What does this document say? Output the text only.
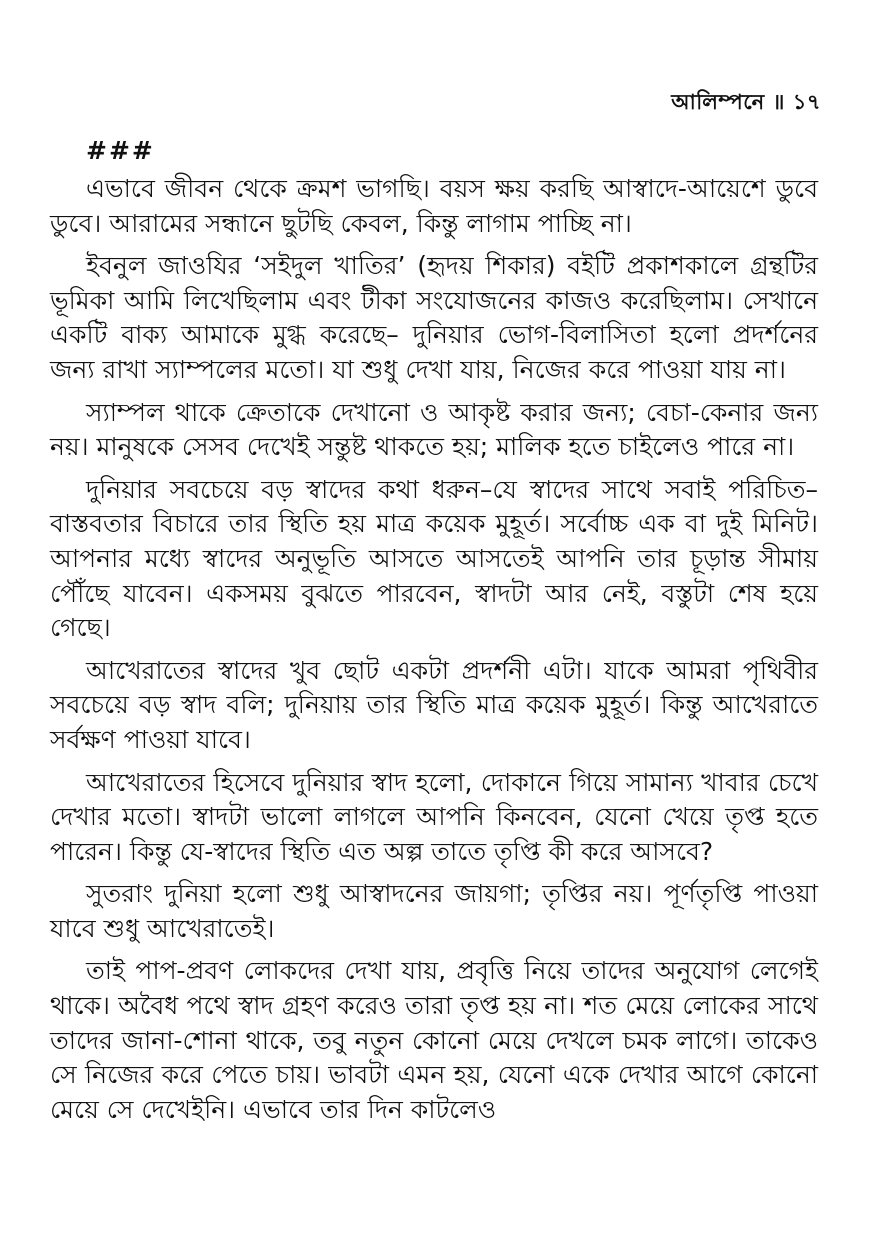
আলিম্পনে ॥ ১৭
###

এভাবে জীবন থেকে ক্রমশ ভাগছি। বয়স ক্ষয় করছি আস্বাদে-আয়েশে ডুবে ডুবে। আরামের সন্ধানে ছুটছি কেবল, কিন্তু লাগাম পাচ্ছি না।

ইবনুল জাওযির ‘সইদুল খাতির’ (হৃদয় শিকার) বইটি প্রকাশকালে গ্রন্থটির ভূমিকা আমি লিখেছিলাম এবং টীকা সংযোজনের কাজও করেছিলাম। সেখানে একটি বাক্য আমাকে মুগ্ধ করেছে– দুনিয়ার ভোগ-বিলাসিতা হলো প্রদর্শনের জন্য রাখা স্যাম্পলের মতো। যা শুধু দেখা যায়, নিজের করে পাওয়া যায় না।

স্যাম্পল থাকে ক্রেতাকে দেখানো ও আকৃষ্ট করার জন্য; বেচা-কেনার জন্য নয়। মানুষকে সেসব দেখেই সন্তুষ্ট থাকতে হয়; মালিক হতে চাইলেও পারে না।

দুনিয়ার সবচেয়ে বড় স্বাদের কথা ধরুন–যে স্বাদের সাথে সবাই পরিচিত–বাস্তবতার বিচারে তার স্থিতি হয় মাত্র কয়েক মুহূর্ত। সর্বোচ্চ এক বা দুই মিনিট। আপনার মধ্যে স্বাদের অনুভূতি আসতে আসতেই আপনি তার চূড়ান্ত সীমায় পৌঁছে যাবেন। একসময় বুঝতে পারবেন, স্বাদটা আর নেই, বস্তুটা শেষ হয়ে গেছে।

আখেরাতের স্বাদের খুব ছোট একটা প্রদর্শনী এটা। যাকে আমরা পৃথিবীর সবচেয়ে বড় স্বাদ বলি; দুনিয়ায় তার স্থিতি মাত্র কয়েক মুহূর্ত। কিন্তু আখেরাতে সর্বক্ষণ পাওয়া যাবে।

আখেরাতের হিসেবে দুনিয়ার স্বাদ হলো, দোকানে গিয়ে সামান্য খাবার চেখে দেখার মতো। স্বাদটা ভালো লাগলে আপনি কিনবেন, যেনো খেয়ে তৃপ্ত হতে পারেন। কিন্তু যে-স্বাদের স্থিতি এত অল্প তাতে তৃপ্তি কী করে আসবে?

সুতরাং দুনিয়া হলো শুধু আস্বাদনের জায়গা; তৃপ্তির নয়। পূর্ণতৃপ্তি পাওয়া যাবে শুধু আখেরাতেই।

তাই পাপ-প্রবণ লোকদের দেখা যায়, প্রবৃত্তি নিয়ে তাদের অনুযোগ লেগেই থাকে। অবৈধ পথে স্বাদ গ্রহণ করেও তারা তৃপ্ত হয় না। শত মেয়ে লোকের সাথে তাদের জানা-শোনা থাকে, তবু নতুন কোনো মেয়ে দেখলে চমক লাগে। তাকেও সে নিজের করে পেতে চায়। ভাবটা এমন হয়, যেনো একে দেখার আগে কোনো মেয়ে সে দেখেইনি। এভাবে তার দিন কাটলেও
